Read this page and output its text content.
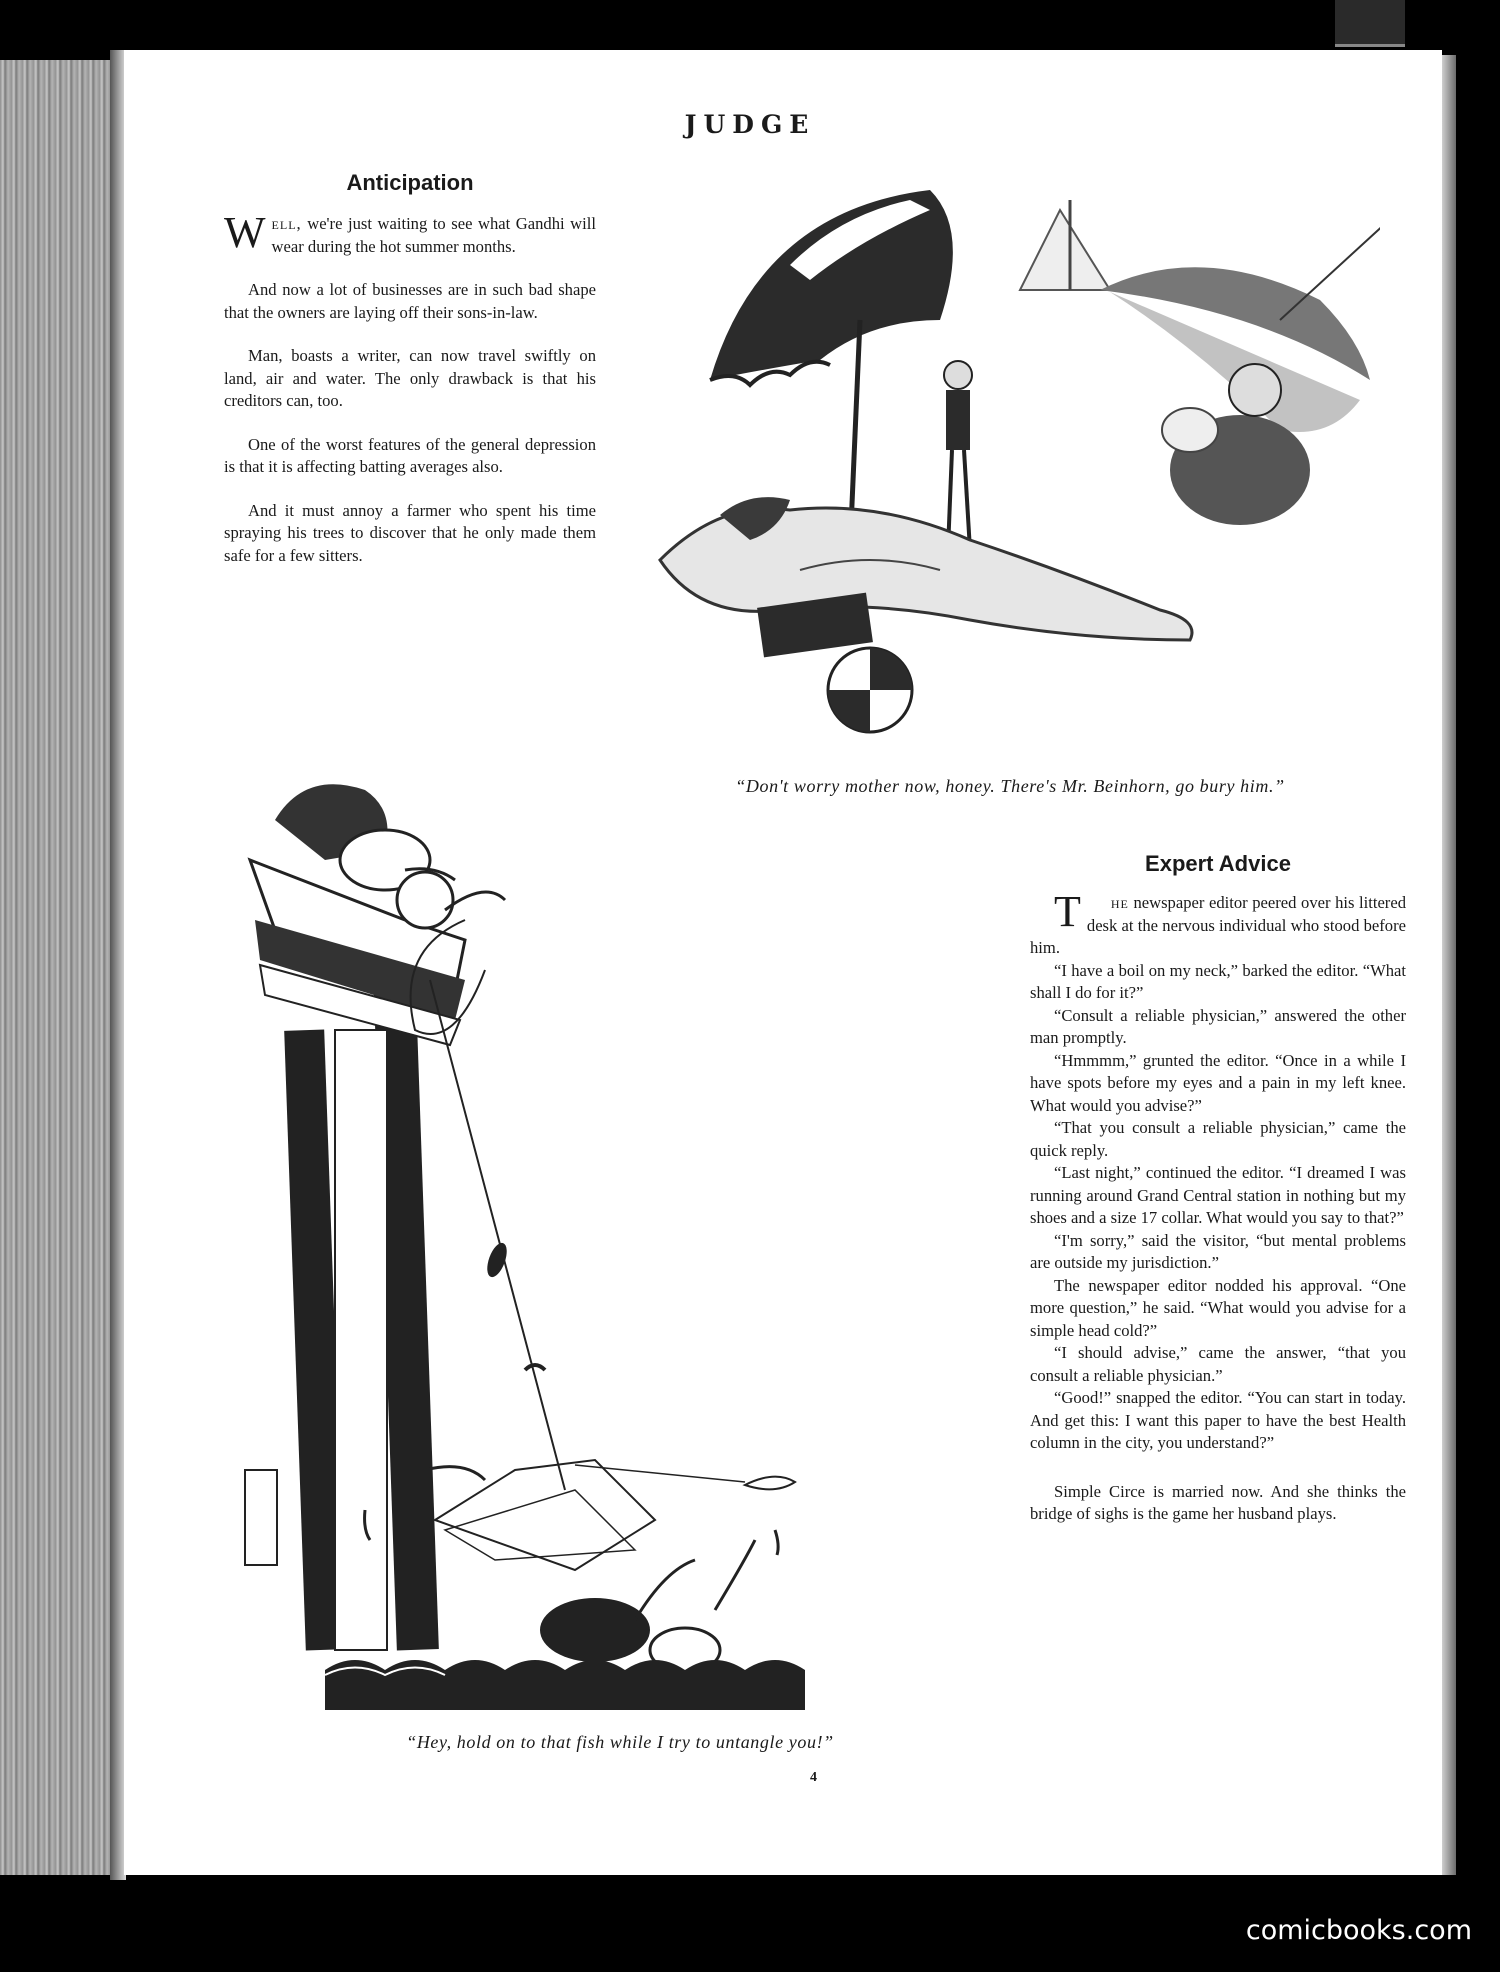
JUDGE
Anticipation

Well, we're just waiting to see what Gandhi will wear during the hot summer months.

And now a lot of businesses are in such bad shape that the owners are laying off their sons-in-law.

Man, boasts a writer, can now travel swiftly on land, air and water. The only drawback is that his creditors can, too.

One of the worst features of the general depression is that it is affecting batting averages also.

And it must annoy a farmer who spent his time spraying his trees to discover that he only made them safe for a few sitters.

“Don't worry mother now, honey. There's Mr. Beinhorn, go bury him.”
“Hey, hold on to that fish while I try to untangle you!”
Expert Advice

T he newspaper editor peered over his littered desk at the nervous individual who stood before him.

“I have a boil on my neck,” barked the editor. “What shall I do for it?”

“Consult a reliable physician,” answered the other man promptly.

“Hmmmm,” grunted the editor. “Once in a while I have spots before my eyes and a pain in my left knee. What would you advise?”

“That you consult a reliable physician,” came the quick reply.

“Last night,” continued the editor. “I dreamed I was running around Grand Central station in nothing but my shoes and a size 17 collar. What would you say to that?”

“I'm sorry,” said the visitor, “but mental problems are outside my jurisdiction.”

The newspaper editor nodded his approval. “One more question,” he said. “What would you advise for a simple head cold?”

“I should advise,” came the answer, “that you consult a reliable physician.”

“Good!” snapped the editor. “You can start in today. And get this: I want this paper to have the best Health column in the city, you understand?”

Simple Circe is married now. And she thinks the bridge of sighs is the game her husband plays.

4
comicbooks.com
